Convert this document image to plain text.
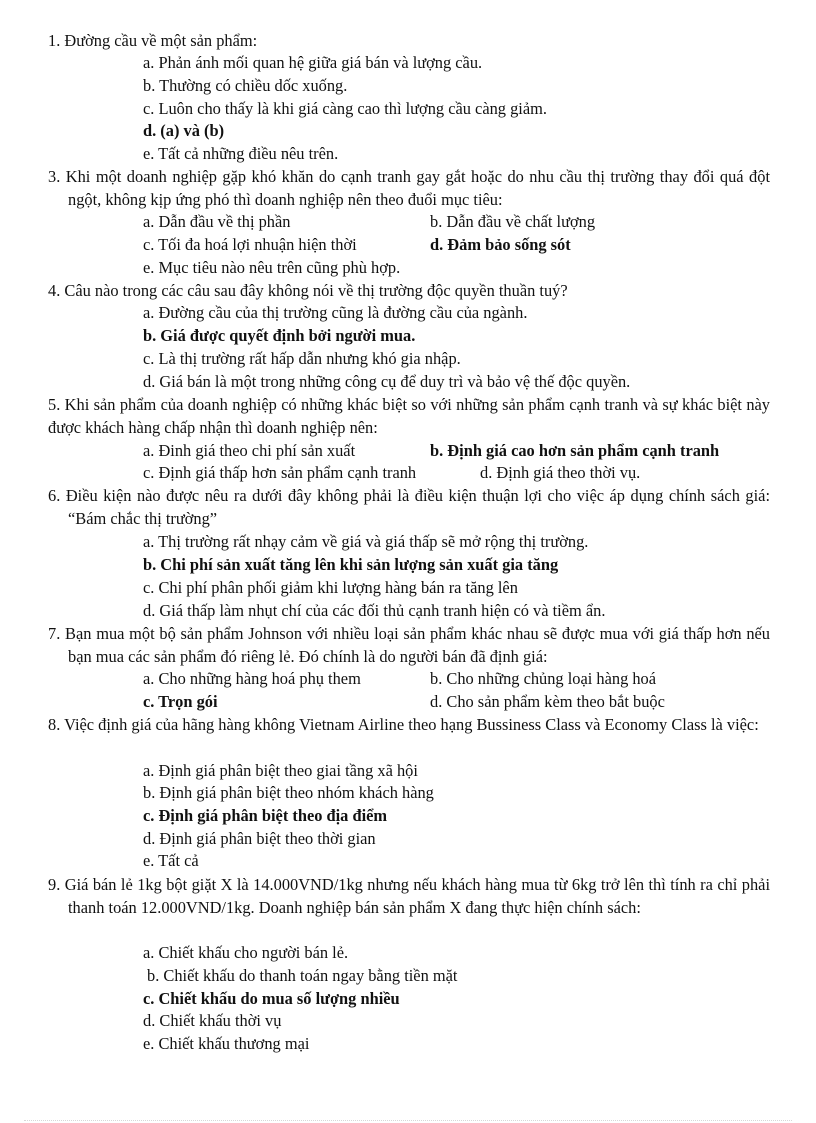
1. Đường cầu về một sản phẩm:

a. Phản ánh mối quan hệ giữa giá bán và lượng cầu.

b. Thường có chiều dốc xuống.

c. Luôn cho thấy là khi giá càng cao thì lượng cầu càng giảm.

d. (a) và (b)

e. Tất cả những điều nêu trên.

3. Khi một doanh nghiệp gặp khó khăn do cạnh tranh gay gắt hoặc do nhu cầu thị trường thay đổi quá đột ngột, không kịp ứng phó thì doanh nghiệp nên theo đuổi mục tiêu:

a. Dẫn đầu về thị phần	b. Dẫn đầu về chất lượng

c. Tối đa hoá lợi nhuận hiện thời	d. Đảm bảo sống sót

e. Mục tiêu nào nêu trên cũng phù hợp.

4. Câu nào trong các câu sau đây không nói về thị trường độc quyền thuần tuý?

a. Đường cầu của thị trường cũng là đường cầu của ngành.

b. Giá được quyết định bởi người mua.

c. Là thị trường rất hấp dẫn nhưng khó gia nhập.

d. Giá bán là một trong những công cụ để duy trì và bảo vệ thế độc quyền.

5. Khi sản phẩm của doanh nghiệp có những khác biệt so với những sản phẩm cạnh tranh và sự khác biệt này được khách hàng chấp nhận thì doanh nghiệp nên:

a. Đinh giá theo chi phí sản xuất	b. Định giá cao hơn sản phẩm cạnh tranh

c. Định giá thấp hơn sản phẩm cạnh tranh	d. Định giá theo thời vụ.

6. Điều kiện nào được nêu ra dưới đây không phải là điều kiện thuận lợi cho việc áp dụng chính sách giá: “Bám chắc thị trường”

a. Thị trường rất nhạy cảm về giá và giá thấp sẽ mở rộng thị trường.

b. Chi phí sản xuất tăng lên khi sản lượng sản xuất gia tăng

c. Chi phí phân phối giảm khi lượng hàng bán ra tăng lên

d. Giá thấp làm nhụt chí của các đối thủ cạnh tranh hiện có và tiềm ẩn.

7. Bạn mua một bộ sản phẩm Johnson với nhiều loại sản phẩm khác nhau sẽ được mua với giá thấp hơn nếu bạn mua các sản phẩm đó riêng lẻ. Đó chính là do người bán đã định giá:

a. Cho những hàng hoá phụ them	b. Cho những chủng loại hàng hoá

c. Trọn gói	d. Cho sản phẩm kèm theo bắt buộc

8. Việc định giá của hãng hàng không Vietnam Airline theo hạng Bussiness Class và Economy Class là việc:

a. Định giá phân biệt theo giai tầng xã hội

b. Định giá phân biệt theo nhóm khách hàng

c. Định giá phân biệt theo địa điểm

d. Định giá phân biệt theo thời gian

e. Tất cả

9. Giá bán lẻ 1kg bột giặt X là 14.000VND/1kg nhưng nếu khách hàng mua từ 6kg trở lên thì tính ra chỉ phải thanh toán 12.000VND/1kg. Doanh nghiệp bán sản phẩm X đang thực hiện chính sách:

a. Chiết khấu cho người bán lẻ.

b. Chiết khấu do thanh toán ngay bằng tiền mặt

c. Chiết khấu do mua số lượng nhiều

d. Chiết khấu thời vụ

e. Chiết khấu thương mại
